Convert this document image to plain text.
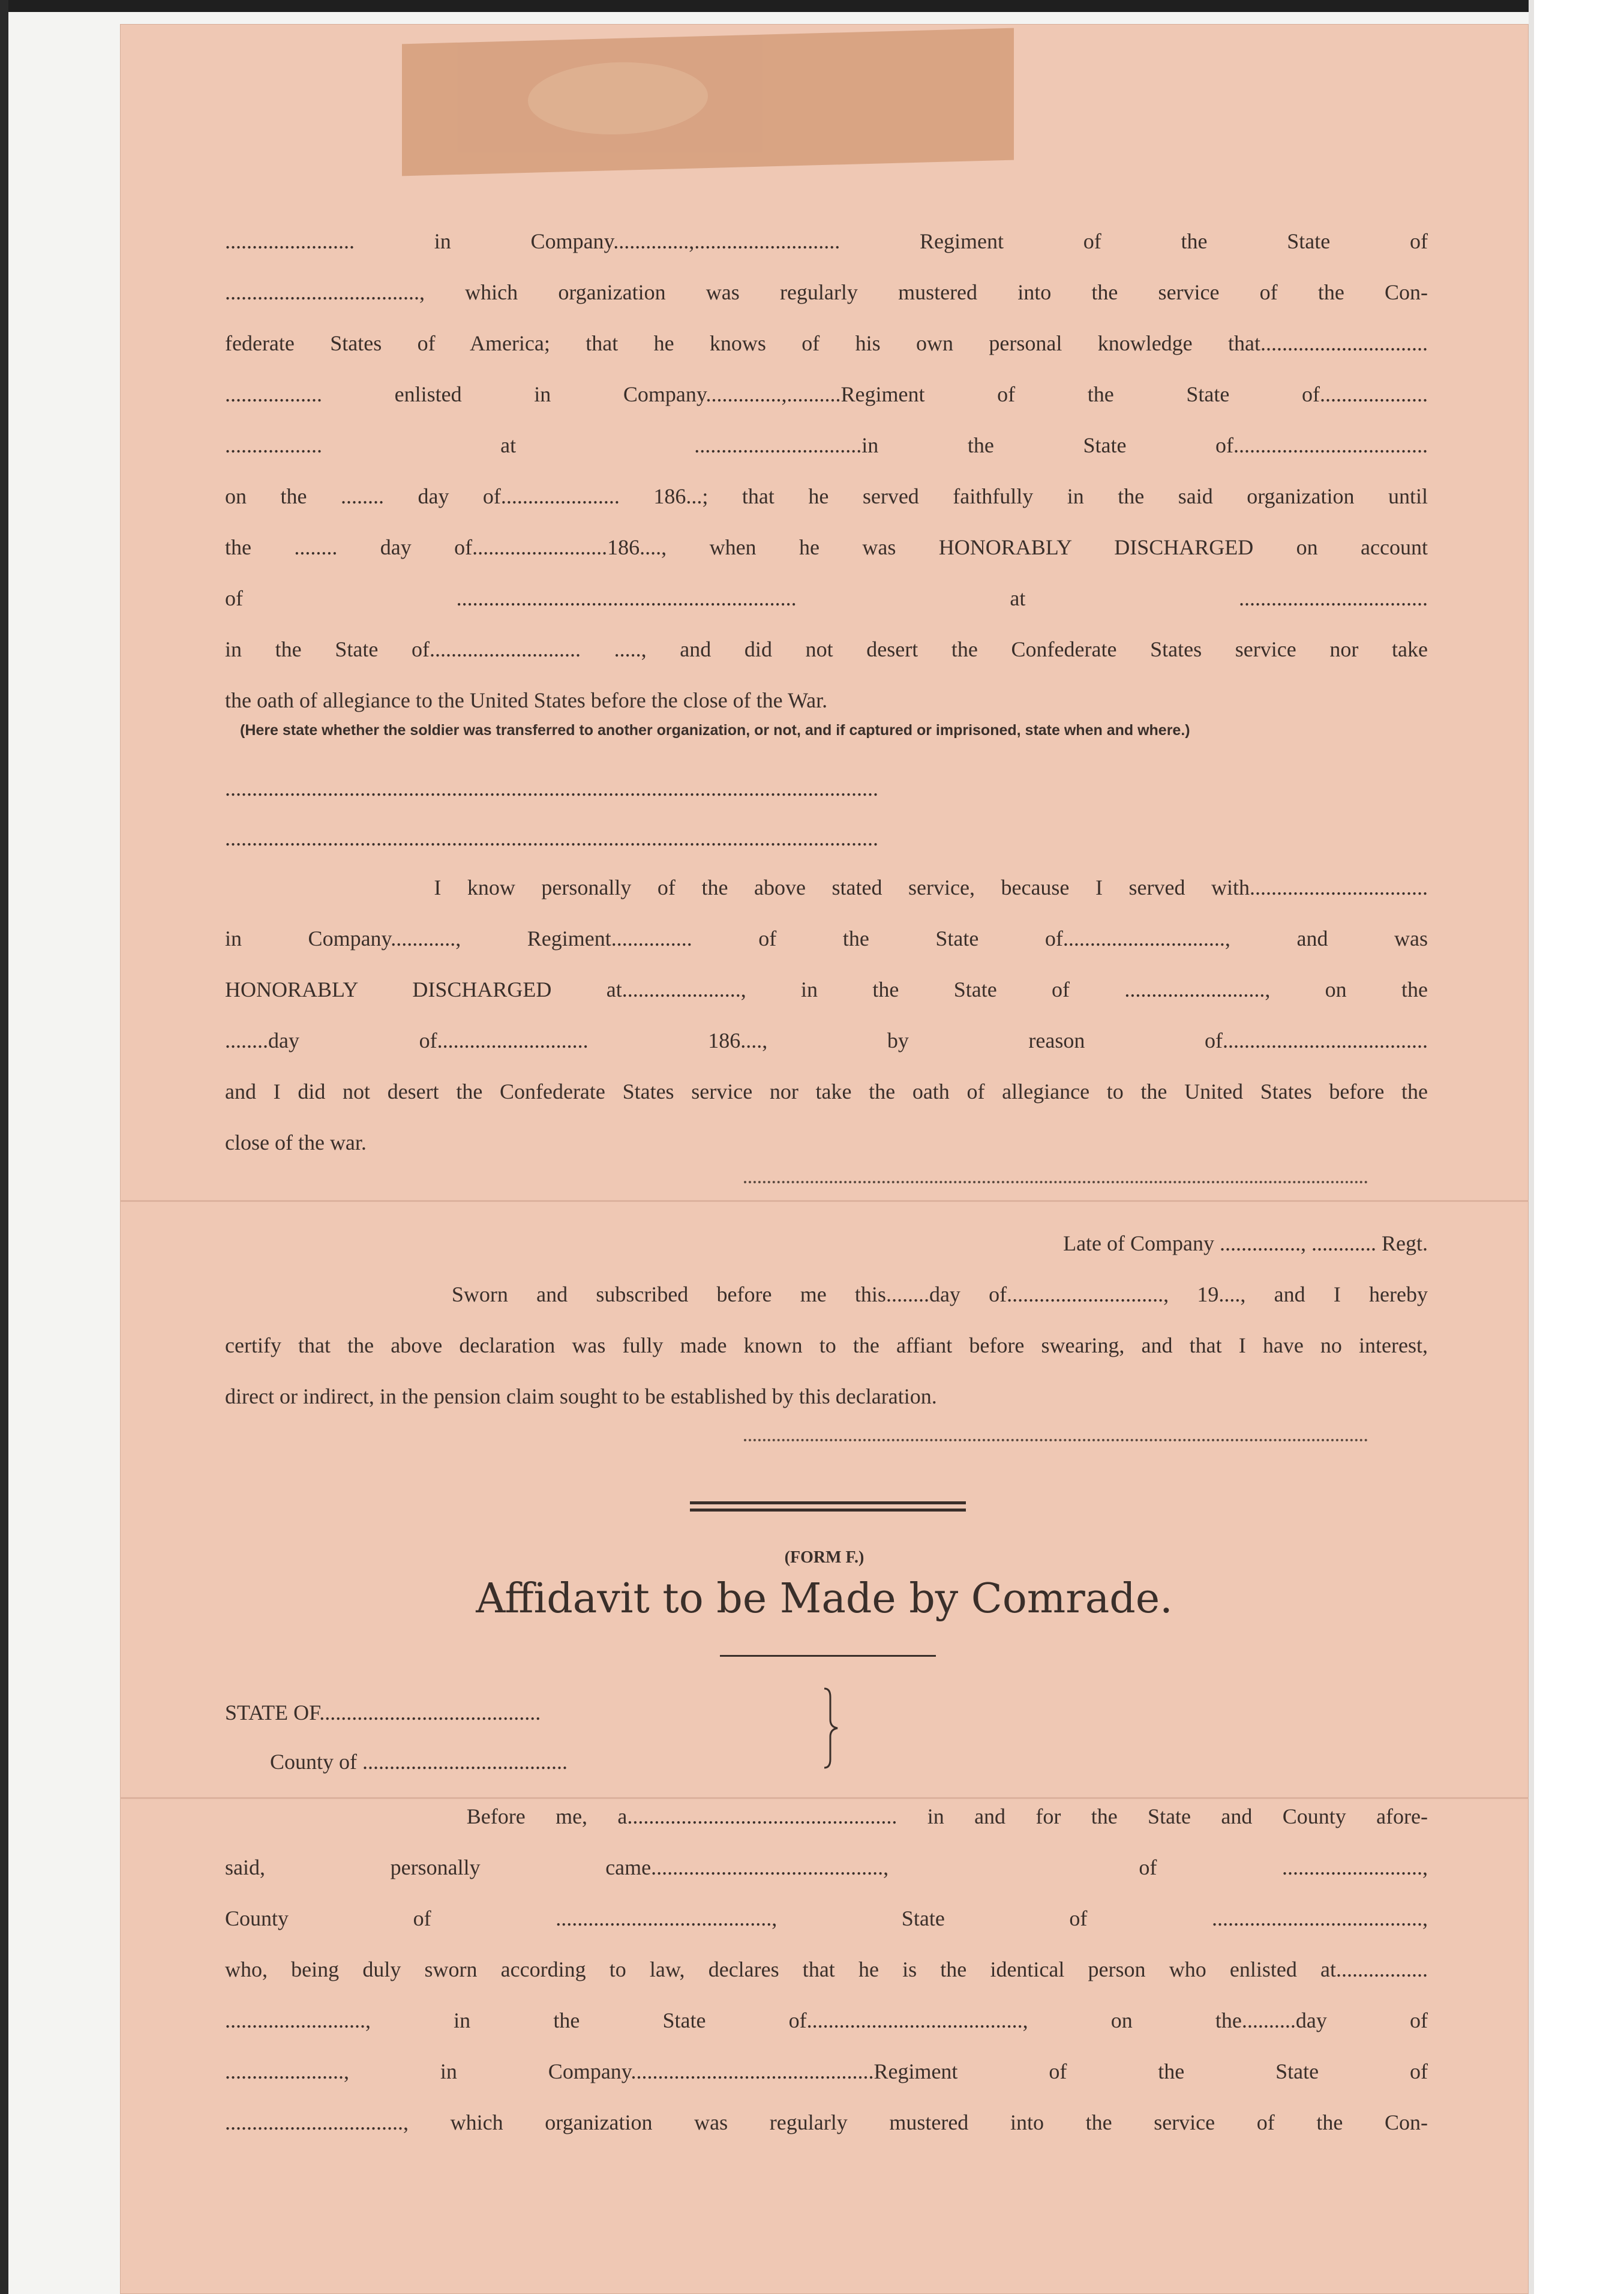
........................ in Company..............,........................... Regiment of the State of
...................................., which organization was regularly mustered into the service of the Con-
federate States of America; that he knows of his own personal knowledge that...............................
.................. enlisted in Company..............,..........Regiment of the State of....................
..................  at  ...............................in the State of....................................
on the ........ day of...................... 186...; that he served faithfully in the said organization until
the ........ day of.........................186...., when he was HONORABLY DISCHARGED on account
of ............................................................... at ...................................
in the State of............................ ....., and did not desert the Confederate States service nor take
the oath of allegiance to the United States before the close of the War.
(Here state whether the soldier was transferred to another organization, or not, and if captured or imprisoned, state when and where.)
.........................................................................................................................
.........................................................................................................................
I know personally of the above stated service, because I served with.................................
in Company............, Regiment............... of the State of.............................., and was
HONORABLY DISCHARGED at......................, in the State of .........................., on the
........day of............................ 186...., by reason of......................................
and I did not desert the Confederate States service nor take the oath of allegiance to the United States before the
close of the war.
Late of Company ..............., ............ Regt.
Sworn and subscribed before me this........day of............................., 19...., and I hereby
certify that the above declaration was fully made known to the affiant before swearing, and that I have no interest,
direct or indirect, in the pension claim sought to be established by this declaration.
(FORM F.)
Affidavit to be Made by Comrade.
STATE OF.........................................
County of ......................................
Before me, a.................................................. in and for the State and County afore-
said, personally came...........................................,  of ..........................,
County of ........................................, State of .......................................,
who, being duly sworn according to law, declares that he is the identical person who enlisted at.................
.........................., in the State of........................................, on the..........day of
......................, in Company.............................................Regiment of the State of
................................., which organization was regularly mustered into the service of the Con-
